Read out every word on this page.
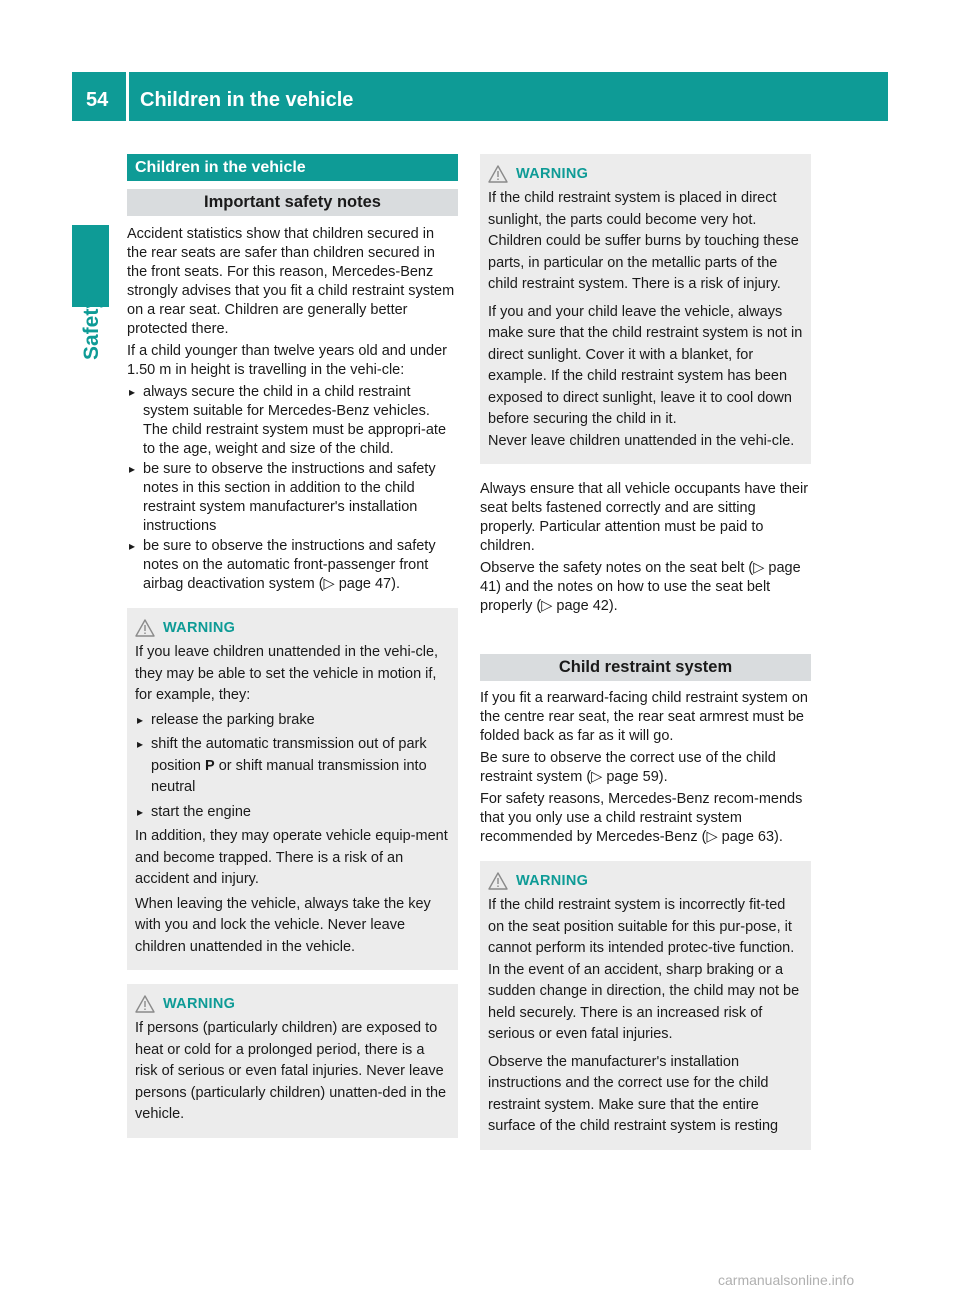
54 Children in the vehicle
Safety
Children in the vehicle
Important safety notes

Accident statistics show that children secured in the rear seats are safer than children secured in the front seats. For this reason, Mercedes-Benz strongly advises that you fit a child restraint system on a rear seat. Children are generally better protected there.

If a child younger than twelve years old and under 1.50 m in height is travelling in the vehi-cle:

▸ always secure the child in a child restraint system suitable for Mercedes-Benz vehicles. The child restraint system must be appropri-ate to the age, weight and size of the child.
▸ be sure to observe the instructions and safety notes in this section in addition to the child restraint system manufacturer's installation instructions
▸ be sure to observe the instructions and safety notes on the automatic front-passenger front airbag deactivation system (▷ page 47).
WARNING

If you leave children unattended in the vehi-cle, they may be able to set the vehicle in motion if, for example, they:

▸ release the parking brake
▸ shift the automatic transmission out of park position P or shift manual transmission into neutral
▸ start the engine

In addition, they may operate vehicle equip-ment and become trapped. There is a risk of an accident and injury.

When leaving the vehicle, always take the key with you and lock the vehicle. Never leave children unattended in the vehicle.

WARNING

If persons (particularly children) are exposed to heat or cold for a prolonged period, there is a risk of serious or even fatal injuries. Never leave persons (particularly children) unatten-ded in the vehicle.

WARNING

If the child restraint system is placed in direct sunlight, the parts could become very hot. Children could be suffer burns by touching these parts, in particular on the metallic parts of the child restraint system. There is a risk of injury.

If you and your child leave the vehicle, always make sure that the child restraint system is not in direct sunlight. Cover it with a blanket, for example. If the child restraint system has been exposed to direct sunlight, leave it to cool down before securing the child in it.

Never leave children unattended in the vehi-cle.

Always ensure that all vehicle occupants have their seat belts fastened correctly and are sitting properly. Particular attention must be paid to children.

Observe the safety notes on the seat belt (▷ page 41) and the notes on how to use the seat belt properly (▷ page 42).

Child restraint system

If you fit a rearward-facing child restraint system on the centre rear seat, the rear seat armrest must be folded back as far as it will go.

Be sure to observe the correct use of the child restraint system (▷ page 59).

For safety reasons, Mercedes-Benz recom-mends that you only use a child restraint system recommended by Mercedes-Benz (▷ page 63).

WARNING

If the child restraint system is incorrectly fit-ted on the seat position suitable for this pur-pose, it cannot perform its intended protec-tive function. In the event of an accident, sharp braking or a sudden change in direction, the child may not be held securely. There is an increased risk of serious or even fatal injuries.

Observe the manufacturer's installation instructions and the correct use for the child restraint system. Make sure that the entire surface of the child restraint system is resting

carmanualsonline.info
